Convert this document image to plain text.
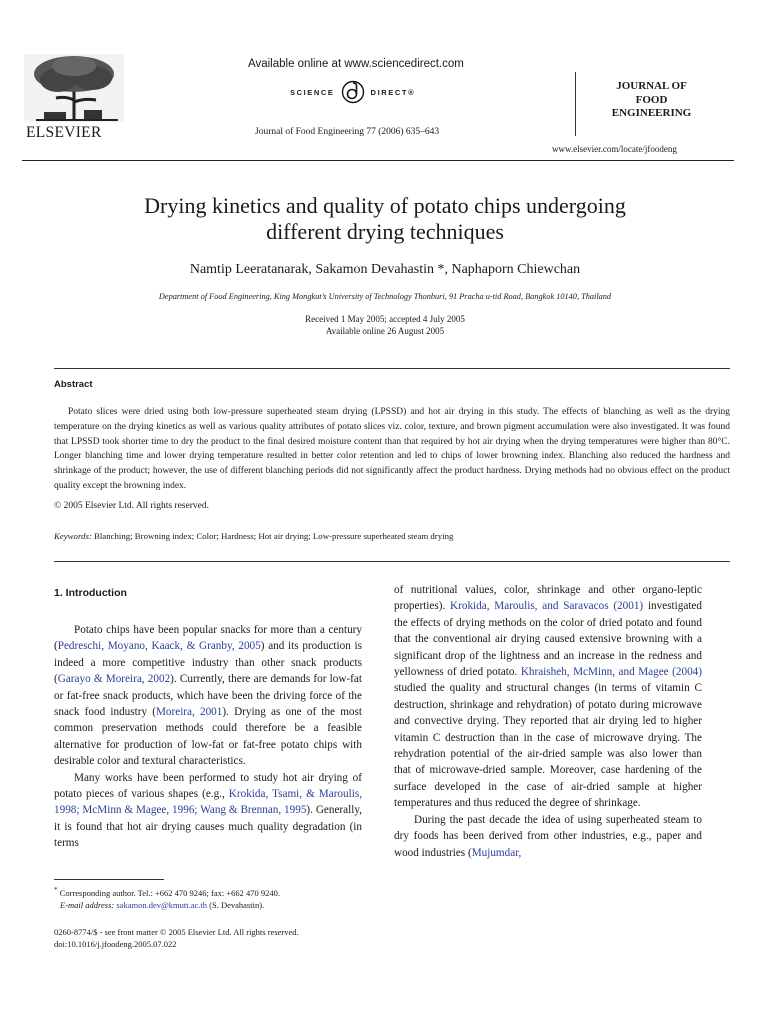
ELSEVIER
Available online at www.sciencedirect.com
SCIENCE	DIRECT®
Journal of Food Engineering 77 (2006) 635–643
JOURNAL OF
FOOD
ENGINEERING
www.elsevier.com/locate/jfoodeng
Drying kinetics and quality of potato chips undergoing
different drying techniques
Namtip Leeratanarak, Sakamon Devahastin *, Naphaporn Chiewchan
Department of Food Engineering, King Mongkut’s University of Technology Thonburi, 91 Pracha u-tid Road, Bangkok 10140, Thailand
Received 1 May 2005; accepted 4 July 2005
Available online 26 August 2005
Abstract
Potato slices were dried using both low-pressure superheated steam drying (LPSSD) and hot air drying in this study. The effects of blanching as well as the drying temperature on the drying kinetics as well as various quality attributes of potato slices viz. color, texture, and brown pigment accumulation were also investigated. It was found that LPSSD took shorter time to dry the product to the final desired moisture content than that required by hot air drying when the drying temperatures were higher than 80°C. Longer blanching time and lower drying temperature resulted in better color retention and led to chips of lower browning index. Blanching also reduced the hardness and shrinkage of the product; however, the use of different blanching periods did not significantly affect the product hardness. Drying methods had no obvious effect on the product quality except the browning index.
© 2005 Elsevier Ltd. All rights reserved.
Keywords: Blanching; Browning index; Color; Hardness; Hot air drying; Low-pressure superheated steam drying
1. Introduction

Potato chips have been popular snacks for more than a century (Pedreschi, Moyano, Kaack, & Granby, 2005) and its production is indeed a more competitive industry than other snack products (Garayo & Moreira, 2002). Currently, there are demands for low-fat or fat-free snack products, which have been the driving force of the snack food industry (Moreira, 2001). Drying as one of the most common preservation methods could therefore be a feasible alternative for production of low-fat or fat-free potato chips with desirable color and textural characteristics.

Many works have been performed to study hot air drying of potato pieces of various shapes (e.g., Krokida, Tsami, & Maroulis, 1998; McMinn & Magee, 1996; Wang & Brennan, 1995). Generally, it is found that hot air drying causes much quality degradation (in terms

of nutritional values, color, shrinkage and other organo-leptic properties). Krokida, Maroulis, and Saravacos (2001) investigated the effects of drying methods on the color of dried potato and found that the conventional air drying caused extensive browning with a significant drop of the lightness and an increase in the redness and yellowness of dried potato. Khraisheh, McMinn, and Magee (2004) studied the quality and structural changes (in terms of vitamin C destruction, shrinkage and rehydration) of potato during microwave and convective drying. They reported that air drying led to higher vitamin C destruction than in the case of microwave drying. The rehydration potential of the air-dried sample was also lower than that of microwave-dried sample. Moreover, case hardening of the surface developed in the case of air-dried sample at higher temperatures and thus reduced the degree of shrinkage.

During the past decade the idea of using superheated steam to dry foods has been derived from other industries, e.g., paper and wood industries (Mujumdar,

* Corresponding author. Tel.: +662 470 9246; fax: +662 470 9240.
E-mail address: sakamon.dev@kmutt.ac.th (S. Devahastin).
0260-8774/$ - see front matter © 2005 Elsevier Ltd. All rights reserved.
doi:10.1016/j.jfoodeng.2005.07.022
